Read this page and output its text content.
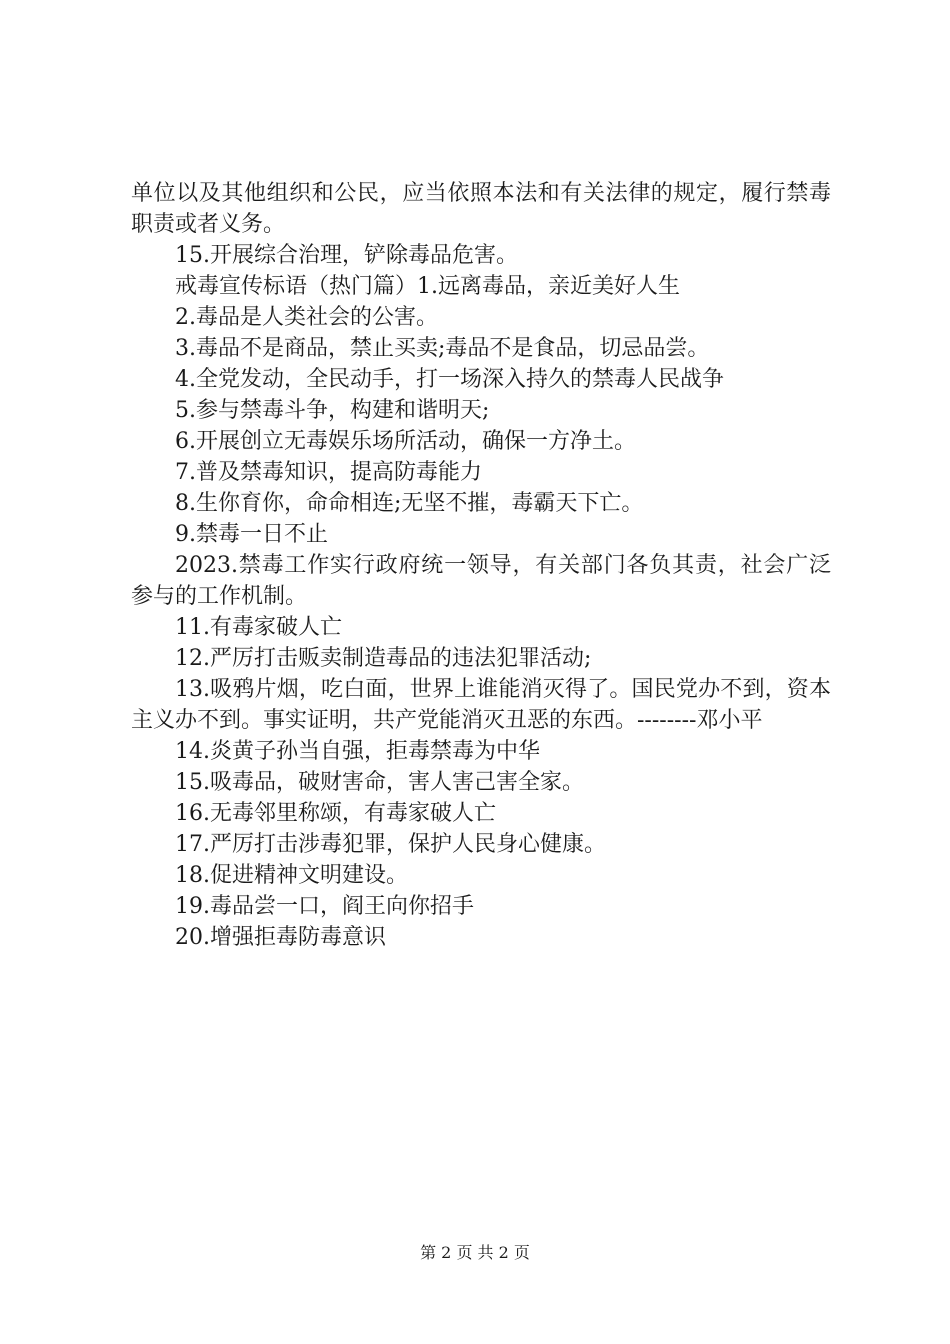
单位以及其他组织和公民，应当依照本法和有关法律的规定，履行禁毒职责或者义务。

15.开展综合治理，铲除毒品危害。

戒毒宣传标语（热门篇）1.远离毒品，亲近美好人生

2.毒品是人类社会的公害。

3.毒品不是商品，禁止买卖;毒品不是食品，切忌品尝。

4.全党发动，全民动手，打一场深入持久的禁毒人民战争

5.参与禁毒斗争，构建和谐明天;

6.开展创立无毒娱乐场所活动，确保一方净土。

7.普及禁毒知识，提高防毒能力

8.生你育你，命命相连;无坚不摧，毒霸天下亡。

9.禁毒一日不止

2023.禁毒工作实行政府统一领导，有关部门各负其责，社会广泛参与的工作机制。

11.有毒家破人亡

12.严厉打击贩卖制造毒品的违法犯罪活动;

13.吸鸦片烟，吃白面，世界上谁能消灭得了。国民党办不到，资本主义办不到。事实证明，共产党能消灭丑恶的东西。--------邓小平

14.炎黄子孙当自强，拒毒禁毒为中华

15.吸毒品，破财害命，害人害己害全家。

16.无毒邻里称颂，有毒家破人亡

17.严厉打击涉毒犯罪，保护人民身心健康。

18.促进精神文明建设。

19.毒品尝一口，阎王向你招手

20.增强拒毒防毒意识

第 2 页 共 2 页
